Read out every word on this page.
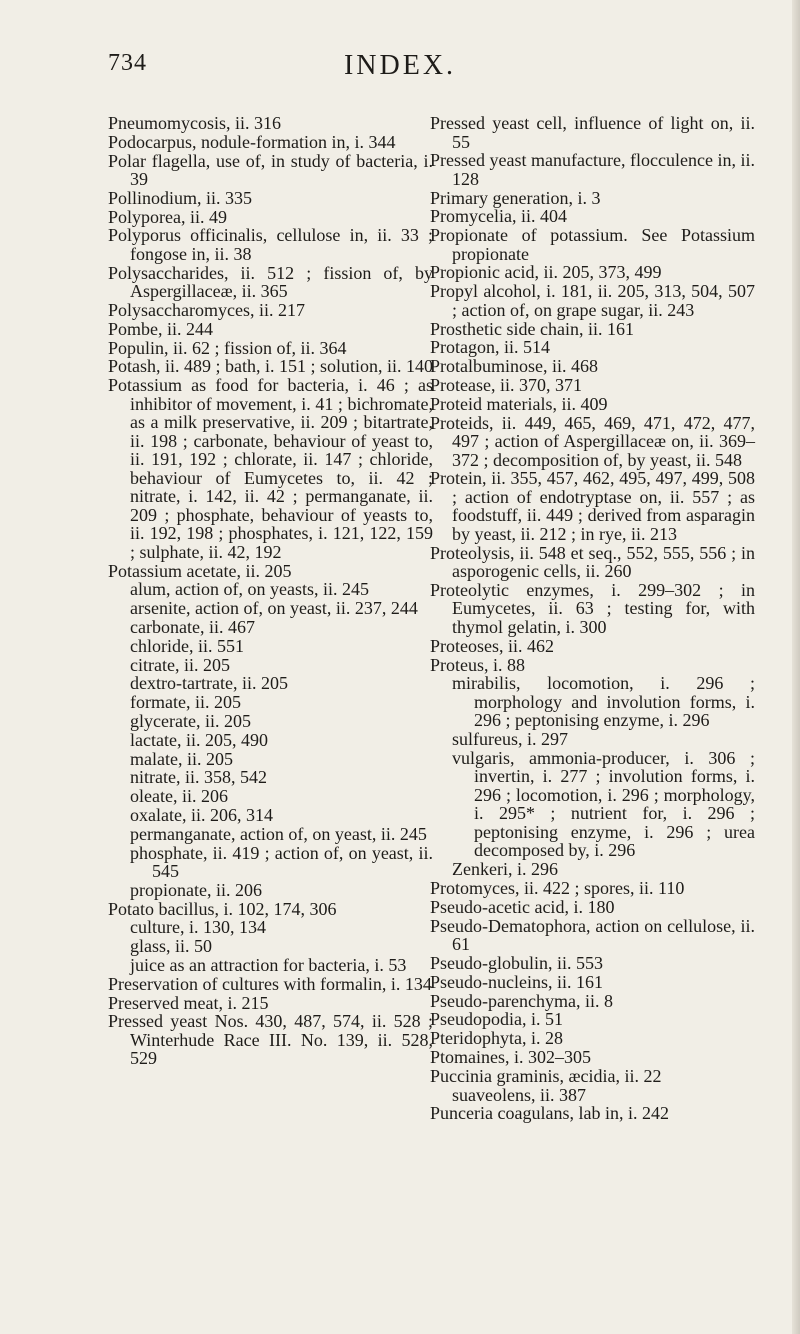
734	INDEX.

Pneumomycosis, ii. 316

Podocarpus, nodule-formation in, i. 344

Polar flagella, use of, in study of bacteria, i. 39

Pollinodium, ii. 335

Polyporea, ii. 49

Polyporus officinalis, cellulose in, ii. 33 ; fongose in, ii. 38

Polysaccharides, ii. 512 ; fission of, by Aspergillaceæ, ii. 365

Polysaccharomyces, ii. 217

Pombe, ii. 244

Populin, ii. 62 ; fission of, ii. 364

Potash, ii. 489 ; bath, i. 151 ; solution, ii. 140

Potassium as food for bacteria, i. 46 ; as inhibitor of movement, i. 41 ; bichromate, as a milk preservative, ii. 209 ; bitartrate, ii. 198 ; carbonate, behaviour of yeast to, ii. 191, 192 ; chlorate, ii. 147 ; chloride, behaviour of Eumycetes to, ii. 42 ; nitrate, i. 142, ii. 42 ; permanganate, ii. 209 ; phosphate, behaviour of yeasts to, ii. 192, 198 ; phosphates, i. 121, 122, 159 ; sulphate, ii. 42, 192

Potassium acetate, ii. 205

alum, action of, on yeasts, ii. 245

arsenite, action of, on yeast, ii. 237, 244

carbonate, ii. 467

chloride, ii. 551

citrate, ii. 205

dextro-tartrate, ii. 205

formate, ii. 205

glycerate, ii. 205

lactate, ii. 205, 490

malate, ii. 205

nitrate, ii. 358, 542

oleate, ii. 206

oxalate, ii. 206, 314

permanganate, action of, on yeast, ii. 245

phosphate, ii. 419 ; action of, on yeast, ii. 545

propionate, ii. 206

Potato bacillus, i. 102, 174, 306

culture, i. 130, 134

glass, ii. 50

juice as an attraction for bacteria, i. 53

Preservation of cultures with formalin, i. 134

Preserved meat, i. 215

Pressed yeast Nos. 430, 487, 574, ii. 528 ; Winterhude Race III. No. 139, ii. 528, 529

Pressed yeast cell, influence of light on, ii. 55

Pressed yeast manufacture, flocculence in, ii. 128

Primary generation, i. 3

Promycelia, ii. 404

Propionate of potassium. See Potassium propionate

Propionic acid, ii. 205, 373, 499

Propyl alcohol, i. 181, ii. 205, 313, 504, 507 ; action of, on grape sugar, ii. 243

Prosthetic side chain, ii. 161

Protagon, ii. 514

Protalbuminose, ii. 468

Protease, ii. 370, 371

Proteid materials, ii. 409

Proteids, ii. 449, 465, 469, 471, 472, 477, 497 ; action of Aspergillaceæ on, ii. 369–372 ; decomposition of, by yeast, ii. 548

Protein, ii. 355, 457, 462, 495, 497, 499, 508 ; action of endotryptase on, ii. 557 ; as foodstuff, ii. 449 ; derived from asparagin by yeast, ii. 212 ; in rye, ii. 213

Proteolysis, ii. 548 et seq., 552, 555, 556 ; in asporogenic cells, ii. 260

Proteolytic enzymes, i. 299–302 ; in Eumycetes, ii. 63 ; testing for, with thymol gelatin, i. 300

Proteoses, ii. 462

Proteus, i. 88

mirabilis, locomotion, i. 296 ; morphology and involution forms, i. 296 ; peptonising enzyme, i. 296

sulfureus, i. 297

vulgaris, ammonia-producer, i. 306 ; invertin, i. 277 ; involution forms, i. 296 ; locomotion, i. 296 ; morphology, i. 295* ; nutrient for, i. 296 ; peptonising enzyme, i. 296 ; urea decomposed by, i. 296

Zenkeri, i. 296

Protomyces, ii. 422 ; spores, ii. 110

Pseudo-acetic acid, i. 180

Pseudo-Dematophora, action on cellulose, ii. 61

Pseudo-globulin, ii. 553

Pseudo-nucleins, ii. 161

Pseudo-parenchyma, ii. 8

Pseudopodia, i. 51

Pteridophyta, i. 28

Ptomaines, i. 302–305

Puccinia graminis, æcidia, ii. 22

suaveolens, ii. 387

Punceria coagulans, lab in, i. 242
